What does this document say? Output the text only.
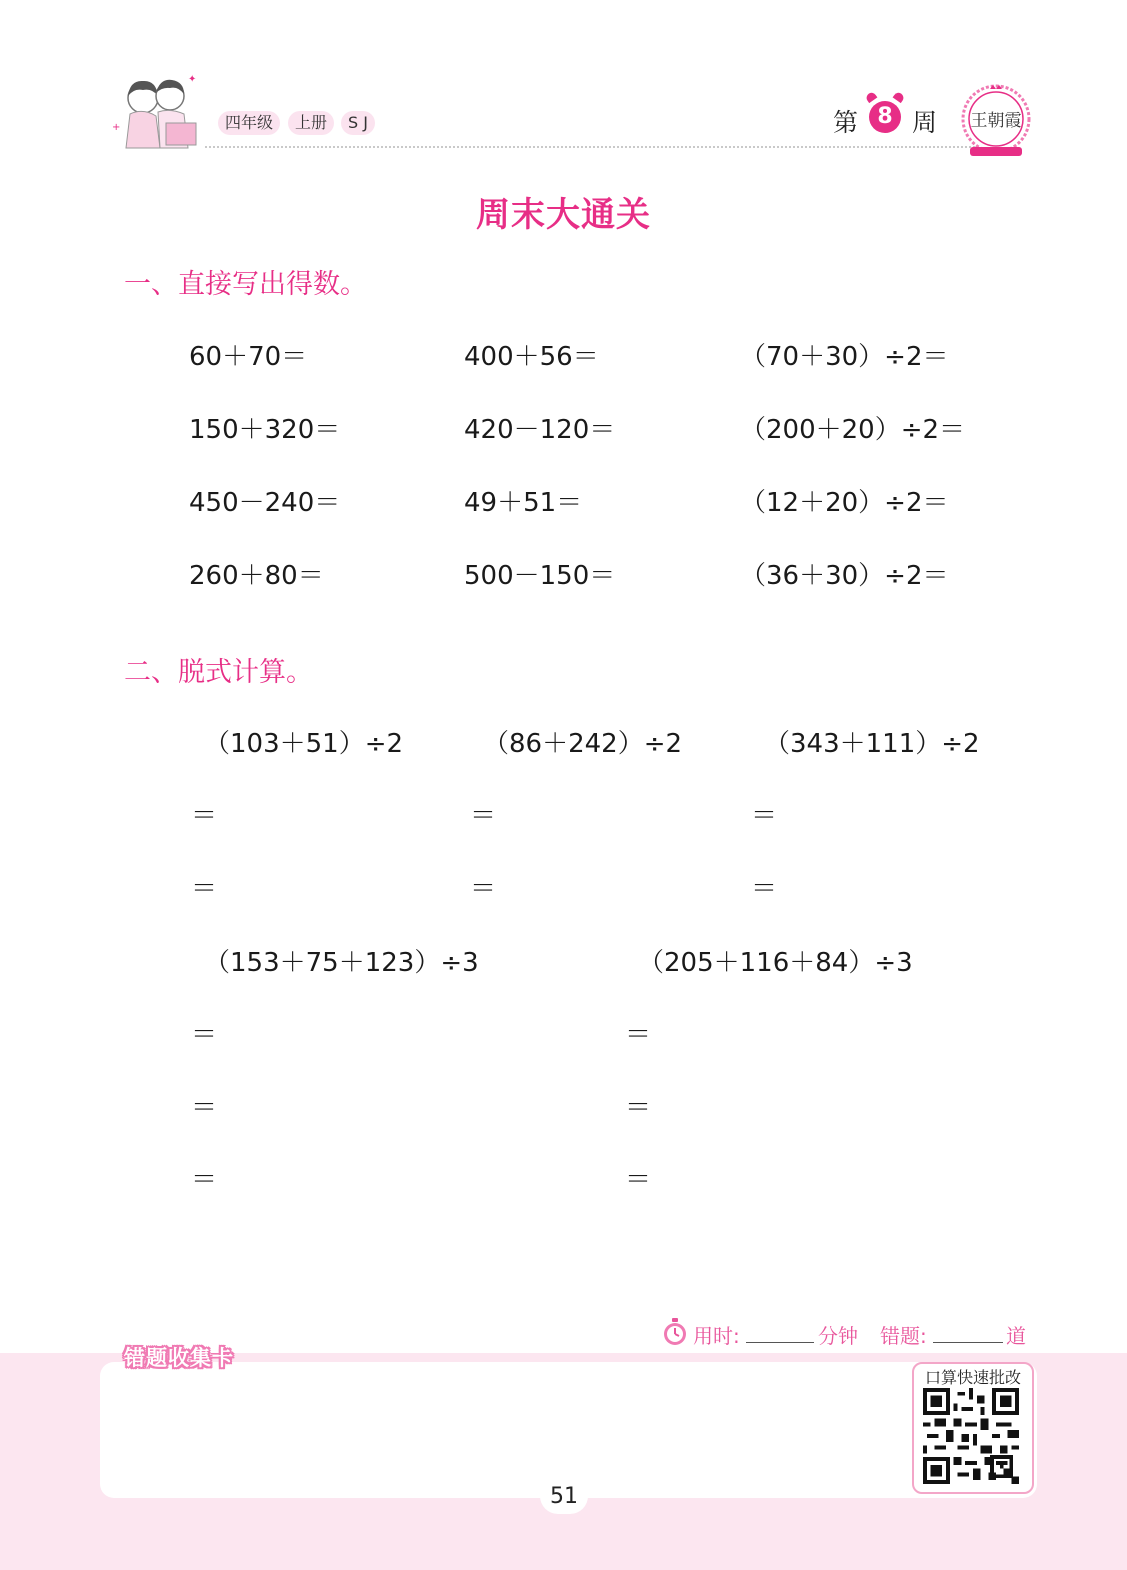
+
✦
四年级	上册	S J	第 8 周 王朝霞
周末大通关
一、直接写出得数。
60＋70＝	400＋56＝	（70＋30）÷2＝
150＋320＝	420－120＝	（200＋20）÷2＝
450－240＝	49＋51＝	（12＋20）÷2＝
260＋80＝	500－150＝	（36＋30）÷2＝
二、脱式计算。
（103＋51）÷2	（86＋242）÷2	（343＋111）÷2
＝	＝	＝
＝	＝	＝
（153＋75＋123）÷3	（205＋116＋84）÷3
＝	＝
＝	＝
＝	＝
错题收集卡
用时:	分钟 错题:	道
口算快速批改
51
